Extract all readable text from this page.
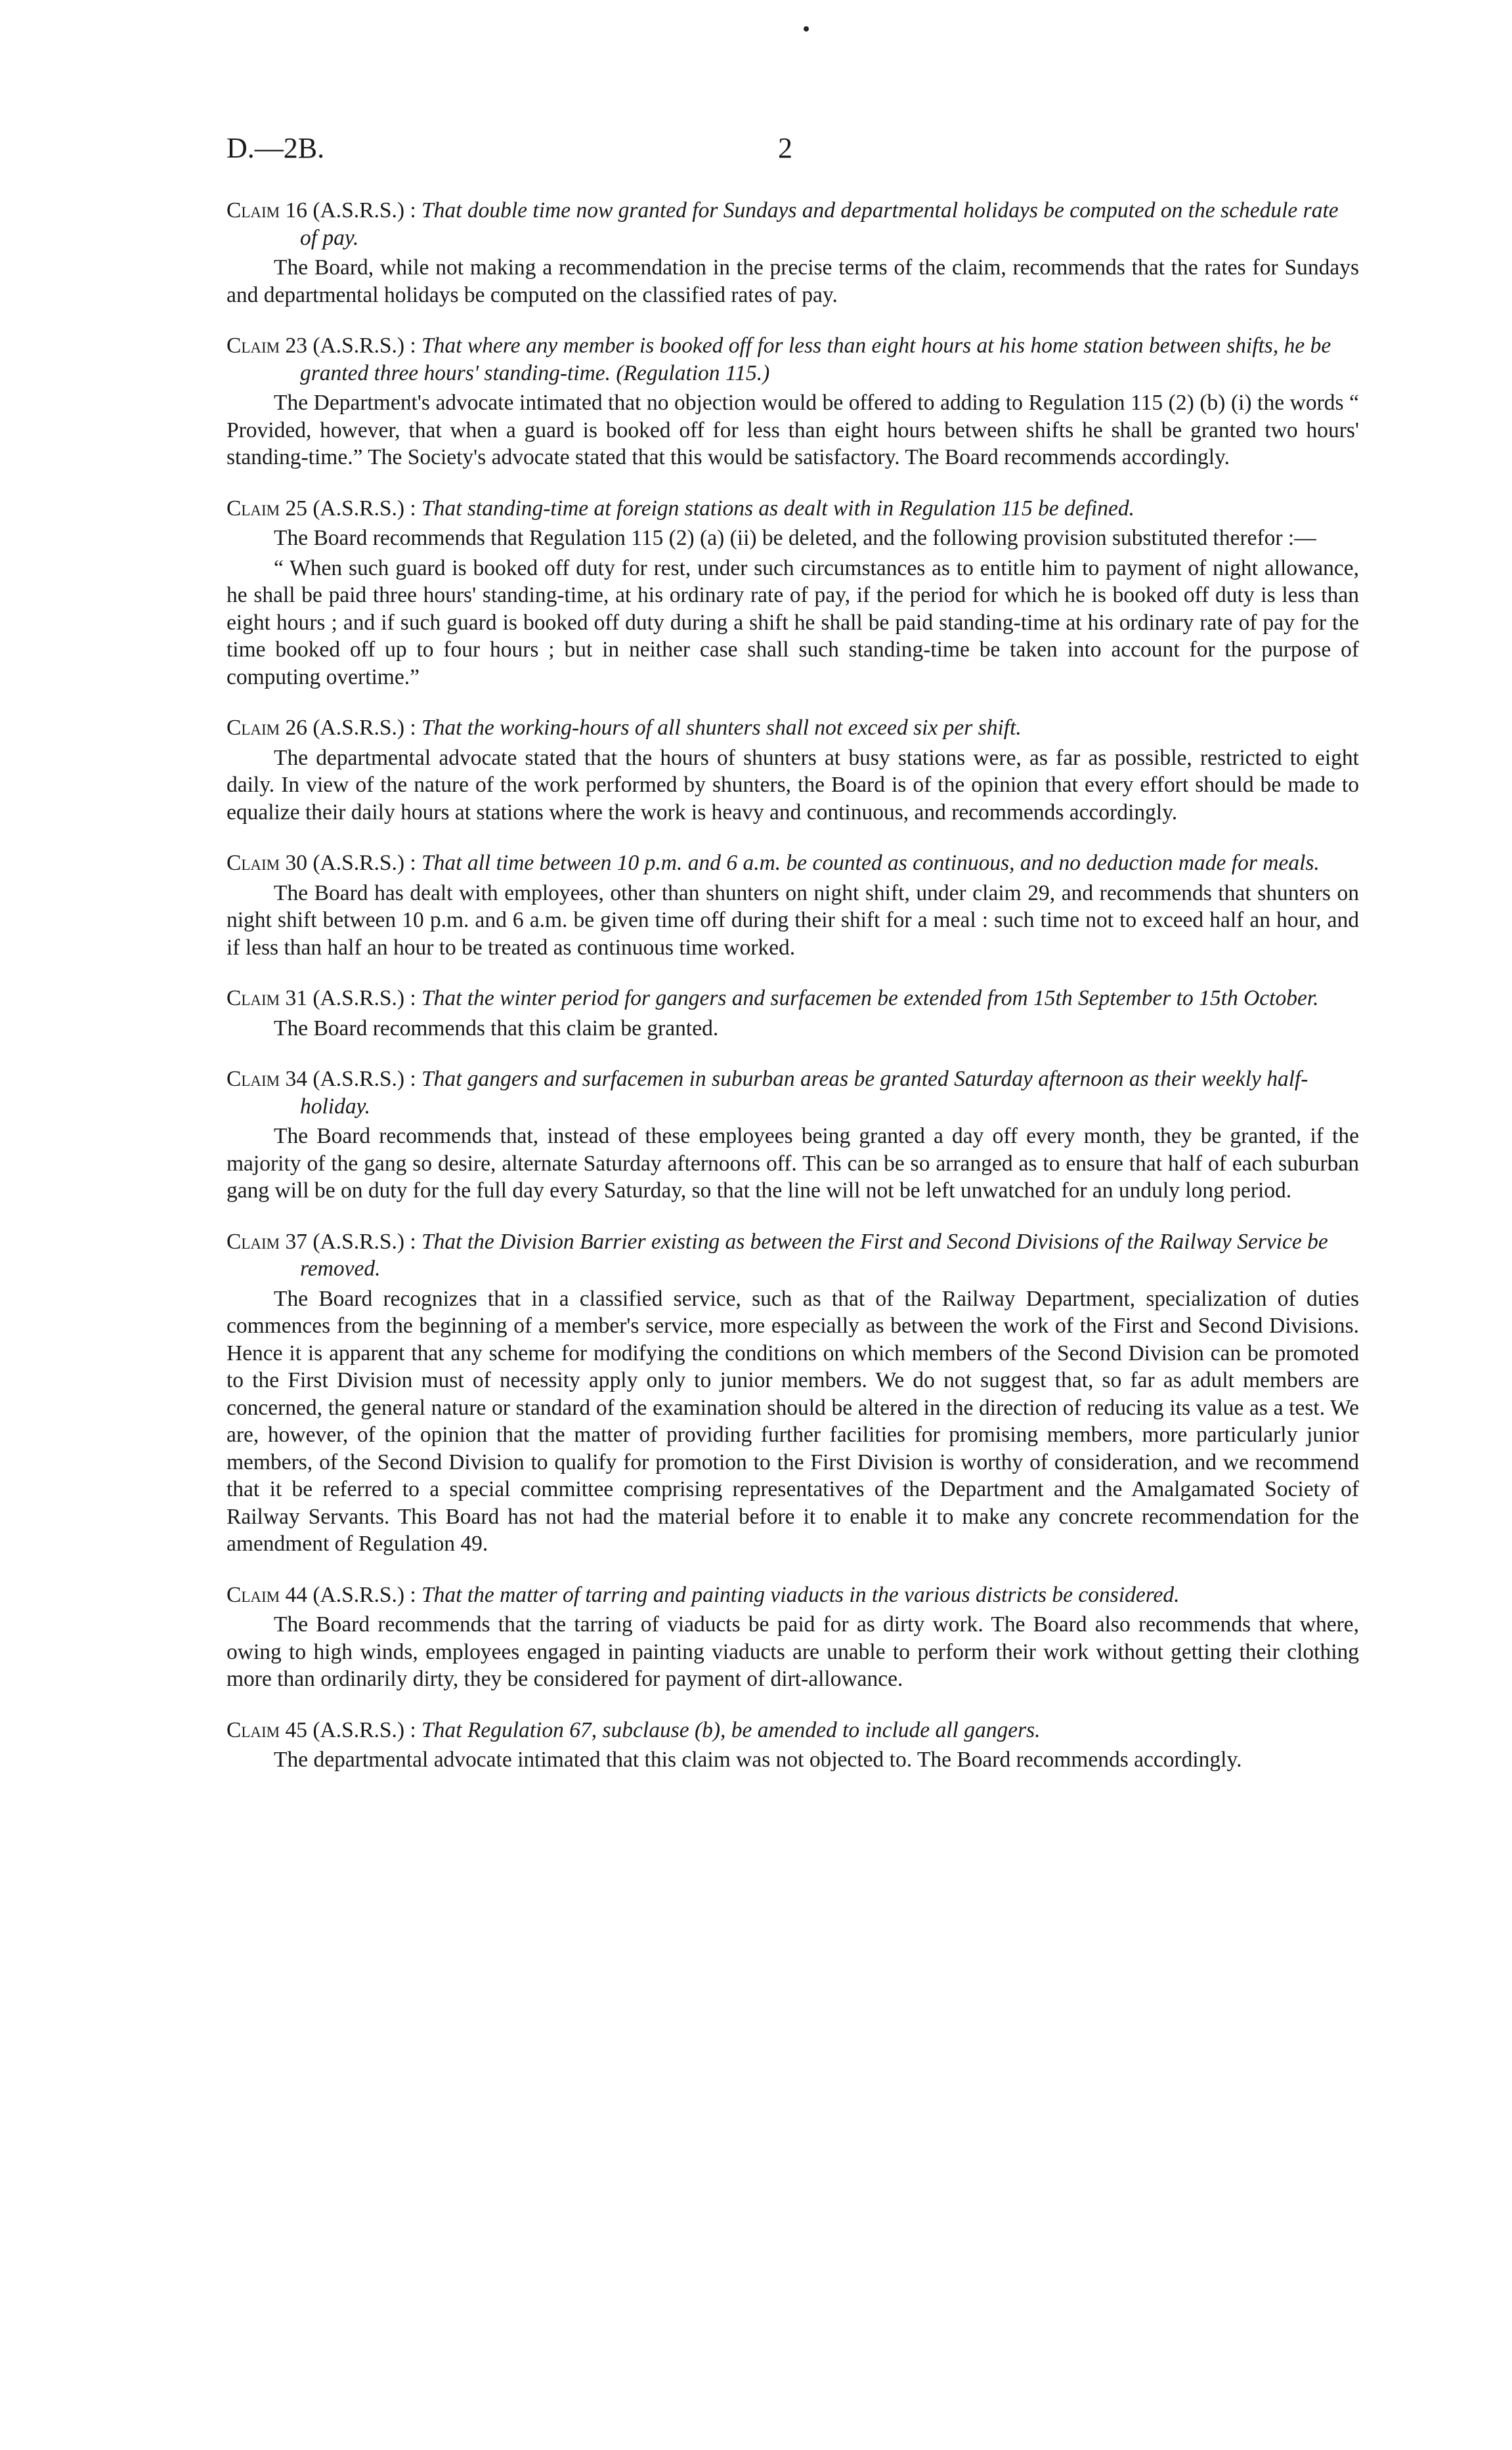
D.—2B.	2
Claim 16 (A.S.R.S.) : That double time now granted for Sundays and departmental holidays be computed on the schedule rate of pay.

The Board, while not making a recommendation in the precise terms of the claim, recommends that the rates for Sundays and departmental holidays be computed on the classified rates of pay.

Claim 23 (A.S.R.S.) : That where any member is booked off for less than eight hours at his home station between shifts, he be granted three hours' standing-time. (Regulation 115.)

The Department's advocate intimated that no objection would be offered to adding to Regulation 115 (2) (b) (i) the words “ Provided, however, that when a guard is booked off for less than eight hours between shifts he shall be granted two hours' standing-time.” The Society's advocate stated that this would be satisfactory. The Board recommends accordingly.

Claim 25 (A.S.R.S.) : That standing-time at foreign stations as dealt with in Regulation 115 be defined.

The Board recommends that Regulation 115 (2) (a) (ii) be deleted, and the following provision substituted therefor :—

“ When such guard is booked off duty for rest, under such circumstances as to entitle him to payment of night allowance, he shall be paid three hours' standing-time, at his ordinary rate of pay, if the period for which he is booked off duty is less than eight hours ; and if such guard is booked off duty during a shift he shall be paid standing-time at his ordinary rate of pay for the time booked off up to four hours ; but in neither case shall such standing-time be taken into account for the purpose of computing overtime.”

Claim 26 (A.S.R.S.) : That the working-hours of all shunters shall not exceed six per shift.

The departmental advocate stated that the hours of shunters at busy stations were, as far as possible, restricted to eight daily. In view of the nature of the work performed by shunters, the Board is of the opinion that every effort should be made to equalize their daily hours at stations where the work is heavy and continuous, and recommends accordingly.

Claim 30 (A.S.R.S.) : That all time between 10 p.m. and 6 a.m. be counted as continuous, and no deduction made for meals.

The Board has dealt with employees, other than shunters on night shift, under claim 29, and recommends that shunters on night shift between 10 p.m. and 6 a.m. be given time off during their shift for a meal : such time not to exceed half an hour, and if less than half an hour to be treated as continuous time worked.

Claim 31 (A.S.R.S.) : That the winter period for gangers and surfacemen be extended from 15th September to 15th October.

The Board recommends that this claim be granted.

Claim 34 (A.S.R.S.) : That gangers and surfacemen in suburban areas be granted Saturday afternoon as their weekly half-holiday.

The Board recommends that, instead of these employees being granted a day off every month, they be granted, if the majority of the gang so desire, alternate Saturday afternoons off. This can be so arranged as to ensure that half of each suburban gang will be on duty for the full day every Saturday, so that the line will not be left unwatched for an unduly long period.

Claim 37 (A.S.R.S.) : That the Division Barrier existing as between the First and Second Divisions of the Railway Service be removed.

The Board recognizes that in a classified service, such as that of the Railway Department, specialization of duties commences from the beginning of a member's service, more especially as between the work of the First and Second Divisions. Hence it is apparent that any scheme for modifying the conditions on which members of the Second Division can be promoted to the First Division must of necessity apply only to junior members. We do not suggest that, so far as adult members are concerned, the general nature or standard of the examination should be altered in the direction of reducing its value as a test. We are, however, of the opinion that the matter of providing further facilities for promising members, more particularly junior members, of the Second Division to qualify for promotion to the First Division is worthy of consideration, and we recommend that it be referred to a special committee comprising representatives of the Department and the Amalgamated Society of Railway Servants. This Board has not had the material before it to enable it to make any concrete recommendation for the amendment of Regulation 49.

Claim 44 (A.S.R.S.) : That the matter of tarring and painting viaducts in the various districts be considered.

The Board recommends that the tarring of viaducts be paid for as dirty work. The Board also recommends that where, owing to high winds, employees engaged in painting viaducts are unable to perform their work without getting their clothing more than ordinarily dirty, they be considered for payment of dirt-allowance.

Claim 45 (A.S.R.S.) : That Regulation 67, subclause (b), be amended to include all gangers.

The departmental advocate intimated that this claim was not objected to. The Board recommends accordingly.
